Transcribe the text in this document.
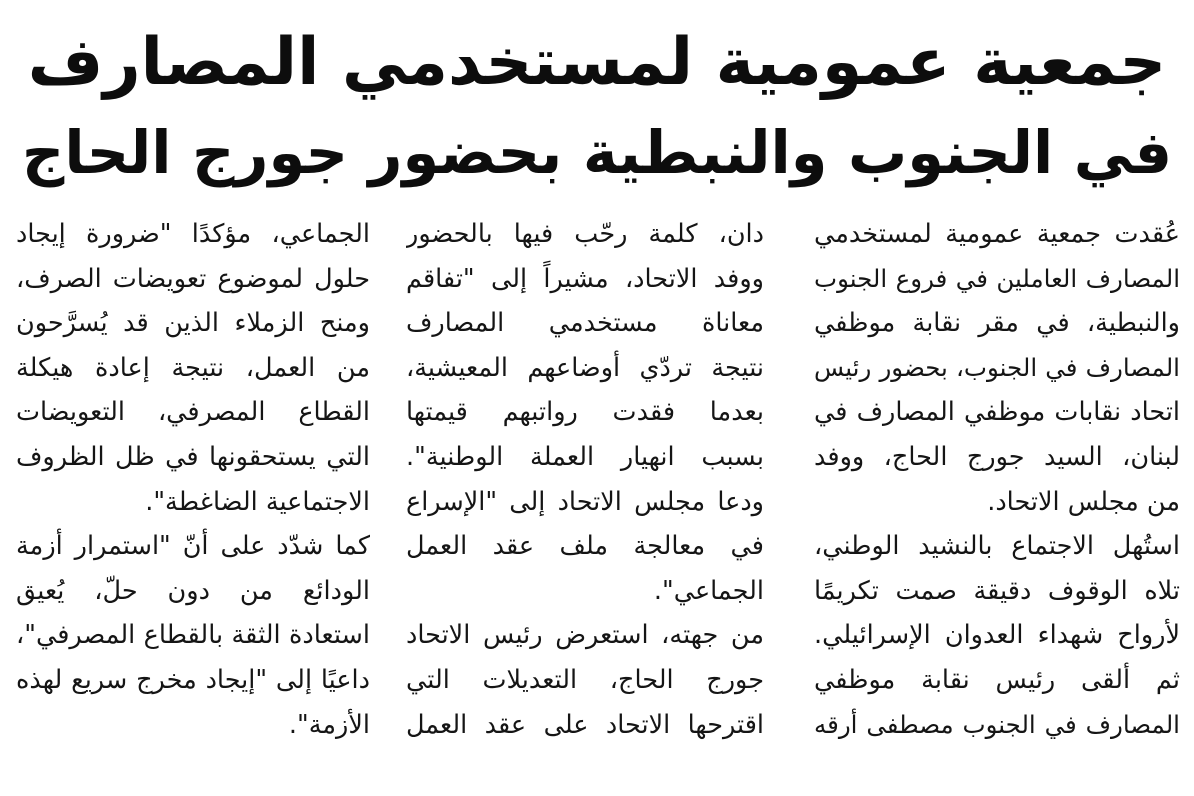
جمعية عمومية لمستخدمي المصارف
في الجنوب والنبطية بحضور جورج الحاج
عُقدت جمعية عمومية لمستخدمي
المصارف العاملين في فروع الجنوب
والنبطية، في مقر نقابة موظفي
المصارف في الجنوب، بحضور رئيس
اتحاد نقابات موظفي المصارف في
لبنان، السيد جورج الحاج، ووفد
من مجلس الاتحاد.
استُهل الاجتماع بالنشيد الوطني،
تلاه الوقوف دقيقة صمت تكريمًا
لأرواح شهداء العدوان الإسرائيلي.
ثم ألقى رئيس نقابة موظفي
المصارف في الجنوب مصطفى أرقه
دان، كلمة رحّب فيها بالحضور
ووفد الاتحاد، مشيراً إلى "تفاقم
معاناة مستخدمي المصارف
نتيجة تردّي أوضاعهم المعيشية،
بعدما فقدت رواتبهم قيمتها
بسبب انهيار العملة الوطنية".
ودعا مجلس الاتحاد إلى "الإسراع
في معالجة ملف عقد العمل
الجماعي".
من جهته، استعرض رئيس الاتحاد
جورج الحاج، التعديلات التي
اقترحها الاتحاد على عقد العمل
الجماعي، مؤكدًا "ضرورة إيجاد
حلول لموضوع تعويضات الصرف،
ومنح الزملاء الذين قد يُسرَّحون
من العمل، نتيجة إعادة هيكلة
القطاع المصرفي، التعويضات
التي يستحقونها في ظل الظروف
الاجتماعية الضاغطة".
كما شدّد على أنّ "استمرار أزمة
الودائع من دون حلّ، يُعيق
استعادة الثقة بالقطاع المصرفي"،
داعيًا إلى "إيجاد مخرج سريع لهذه
الأزمة".
